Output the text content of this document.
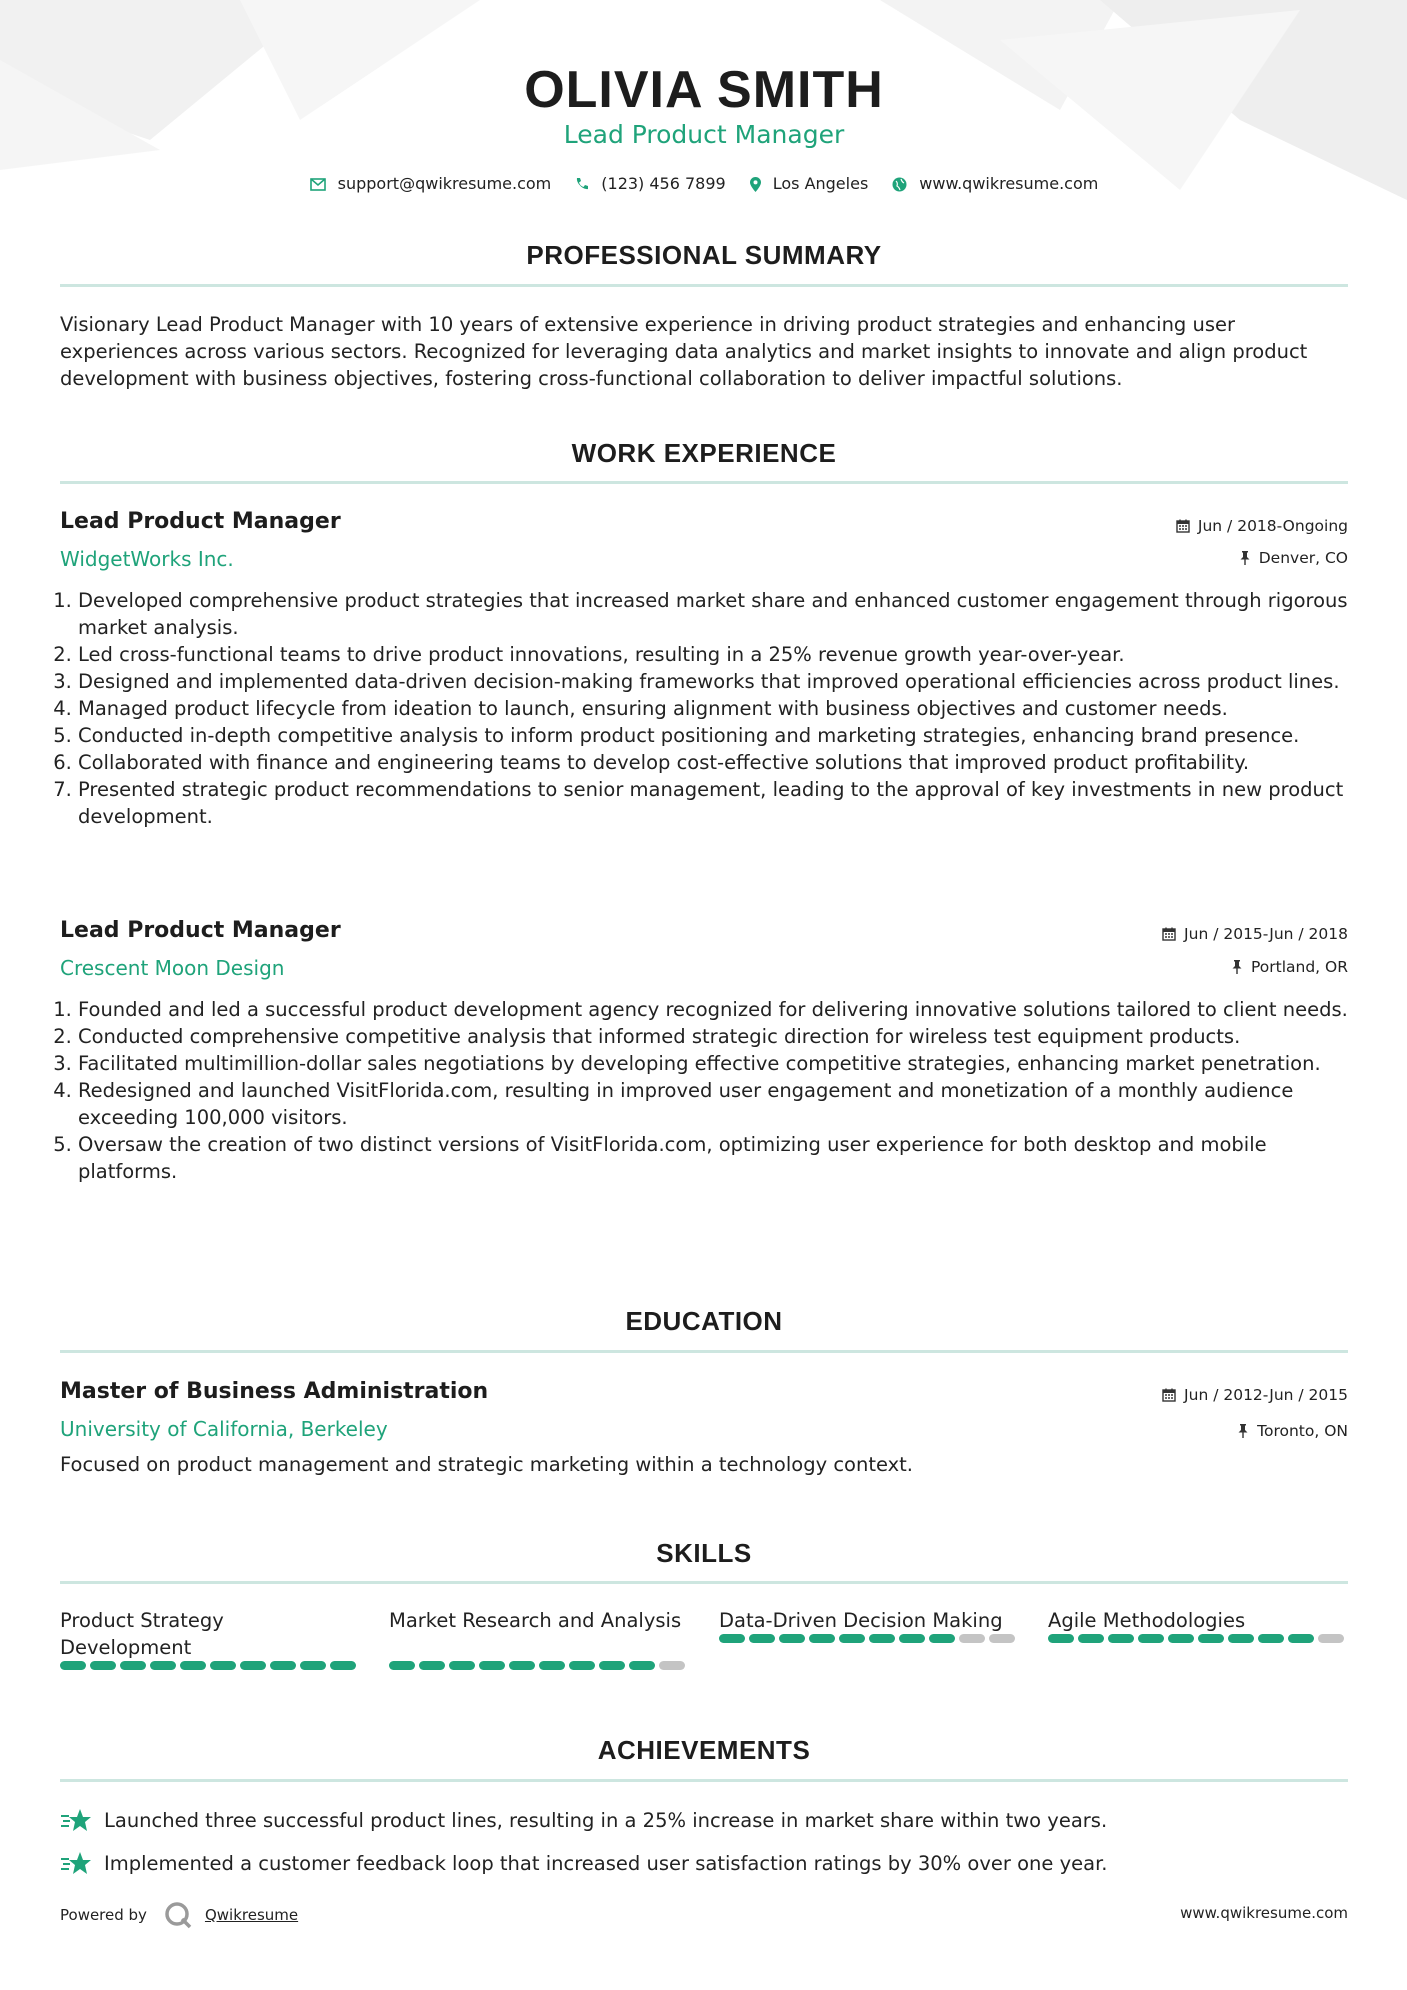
OLIVIA SMITH
Lead Product Manager
support@qwikresume.com	(123) 456 7899	Los Angeles	www.qwikresume.com
PROFESSIONAL SUMMARY
Visionary Lead Product Manager with 10 years of extensive experience in driving product strategies and enhancing user experiences across various sectors. Recognized for leveraging data analytics and market insights to innovate and align product development with business objectives, fostering cross-functional collaboration to deliver impactful solutions.
WORK EXPERIENCE
Lead Product Manager
WidgetWorks Inc.
Jun / 2018-Ongoing
Denver, CO
1. Developed comprehensive product strategies that increased market share and enhanced customer engagement through rigorous market analysis.
2. Led cross-functional teams to drive product innovations, resulting in a 25% revenue growth year-over-year.
3. Designed and implemented data-driven decision-making frameworks that improved operational efficiencies across product lines.
4. Managed product lifecycle from ideation to launch, ensuring alignment with business objectives and customer needs.
5. Conducted in-depth competitive analysis to inform product positioning and marketing strategies, enhancing brand presence.
6. Collaborated with finance and engineering teams to develop cost-effective solutions that improved product profitability.
7. Presented strategic product recommendations to senior management, leading to the approval of key investments in new product development.
Lead Product Manager
Crescent Moon Design
Jun / 2015-Jun / 2018
Portland, OR
1. Founded and led a successful product development agency recognized for delivering innovative solutions tailored to client needs.
2. Conducted comprehensive competitive analysis that informed strategic direction for wireless test equipment products.
3. Facilitated multimillion-dollar sales negotiations by developing effective competitive strategies, enhancing market penetration.
4. Redesigned and launched VisitFlorida.com, resulting in improved user engagement and monetization of a monthly audience exceeding 100,000 visitors.
5. Oversaw the creation of two distinct versions of VisitFlorida.com, optimizing user experience for both desktop and mobile platforms.
EDUCATION
Master of Business Administration
University of California, Berkeley
Jun / 2012-Jun / 2015
Toronto, ON
Focused on product management and strategic marketing within a technology context.
SKILLS
Product Strategy Development
Market Research and Analysis	Data-Driven Decision Making	Agile Methodologies
ACHIEVEMENTS
Launched three successful product lines, resulting in a 25% increase in market share within two years.
Implemented a customer feedback loop that increased user satisfaction ratings by 30% over one year.
Powered by	Qwikresume	www.qwikresume.com
